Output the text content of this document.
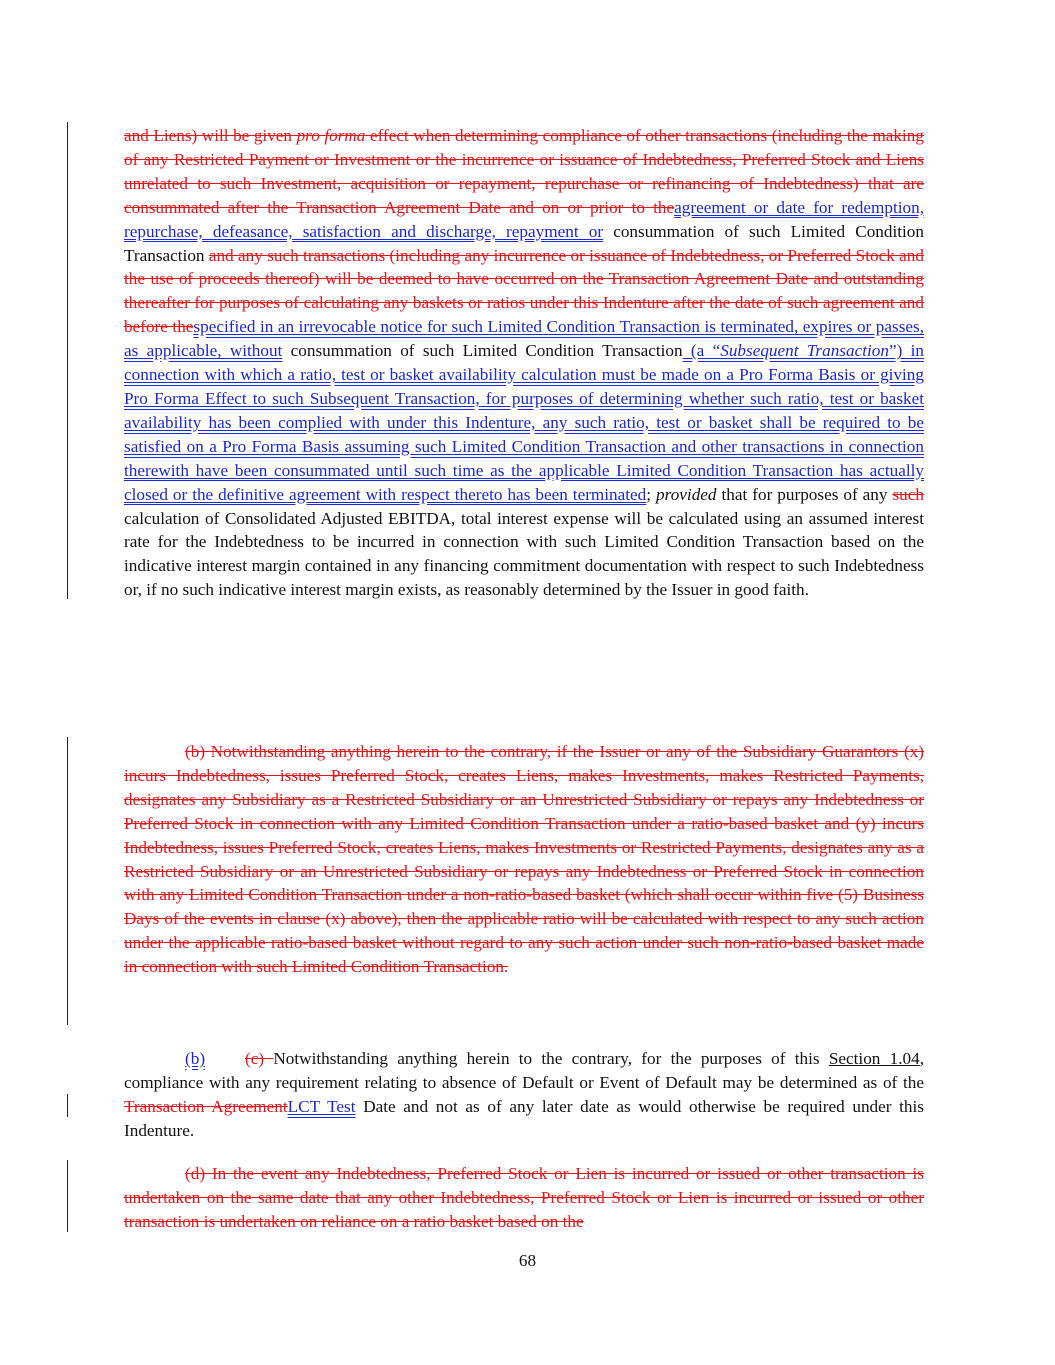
and Liens) will be given pro forma effect when determining compliance of other transactions (including the making of any Restricted Payment or Investment or the incurrence or issuance of Indebtedness, Preferred Stock and Liens unrelated to such Investment, acquisition or repayment, repurchase or refinancing of Indebtedness) that are consummated after the Transaction Agreement Date and on or prior to theagreement or date for redemption, repurchase, defeasance, satisfaction and discharge, repayment or consummation of such Limited Condition Transaction and any such transactions (including any incurrence or issuance of Indebtedness, or Preferred Stock and the use of proceeds thereof) will be deemed to have occurred on the Transaction Agreement Date and outstanding thereafter for purposes of calculating any baskets or ratios under this Indenture after the date of such agreement and before thespecified in an irrevocable notice for such Limited Condition Transaction is terminated, expires or passes, as applicable, without consummation of such Limited Condition Transaction (a “Subsequent Transaction”) in connection with which a ratio, test or basket availability calculation must be made on a Pro Forma Basis or giving Pro Forma Effect to such Subsequent Transaction, for purposes of determining whether such ratio, test or basket availability has been complied with under this Indenture, any such ratio, test or basket shall be required to be satisfied on a Pro Forma Basis assuming such Limited Condition Transaction and other transactions in connection therewith have been consummated until such time as the applicable Limited Condition Transaction has actually closed or the definitive agreement with respect thereto has been terminated; provided that for purposes of any such calculation of Consolidated Adjusted EBITDA, total interest expense will be calculated using an assumed interest rate for the Indebtedness to be incurred in connection with such Limited Condition Transaction based on the indicative interest margin contained in any financing commitment documentation with respect to such Indebtedness or, if no such indicative interest margin exists, as reasonably determined by the Issuer in good faith.

(b) Notwithstanding anything herein to the contrary, if the Issuer or any of the Subsidiary Guarantors (x) incurs Indebtedness, issues Preferred Stock, creates Liens, makes Investments, makes Restricted Payments, designates any Subsidiary as a Restricted Subsidiary or an Unrestricted Subsidiary or repays any Indebtedness or Preferred Stock in connection with any Limited Condition Transaction under a ratio-based basket and (y) incurs Indebtedness, issues Preferred Stock, creates Liens, makes Investments or Restricted Payments, designates any as a Restricted Subsidiary or an Unrestricted Subsidiary or repays any Indebtedness or Preferred Stock in connection with any Limited Condition Transaction under a non-ratio-based basket (which shall occur within five (5) Business Days of the events in clause (x) above), then the applicable ratio will be calculated with respect to any such action under the applicable ratio-based basket without regard to any such action under such non-ratio-based basket made in connection with such Limited Condition Transaction.

(b) (c) Notwithstanding anything herein to the contrary, for the purposes of this Section 1.04, compliance with any requirement relating to absence of Default or Event of Default may be determined as of the Transaction AgreementLCT Test Date and not as of any later date as would otherwise be required under this Indenture.

(d) In the event any Indebtedness, Preferred Stock or Lien is incurred or issued or other transaction is undertaken on the same date that any other Indebtedness, Preferred Stock or Lien is incurred or issued or other transaction is undertaken on reliance on a ratio basket based on the

68
